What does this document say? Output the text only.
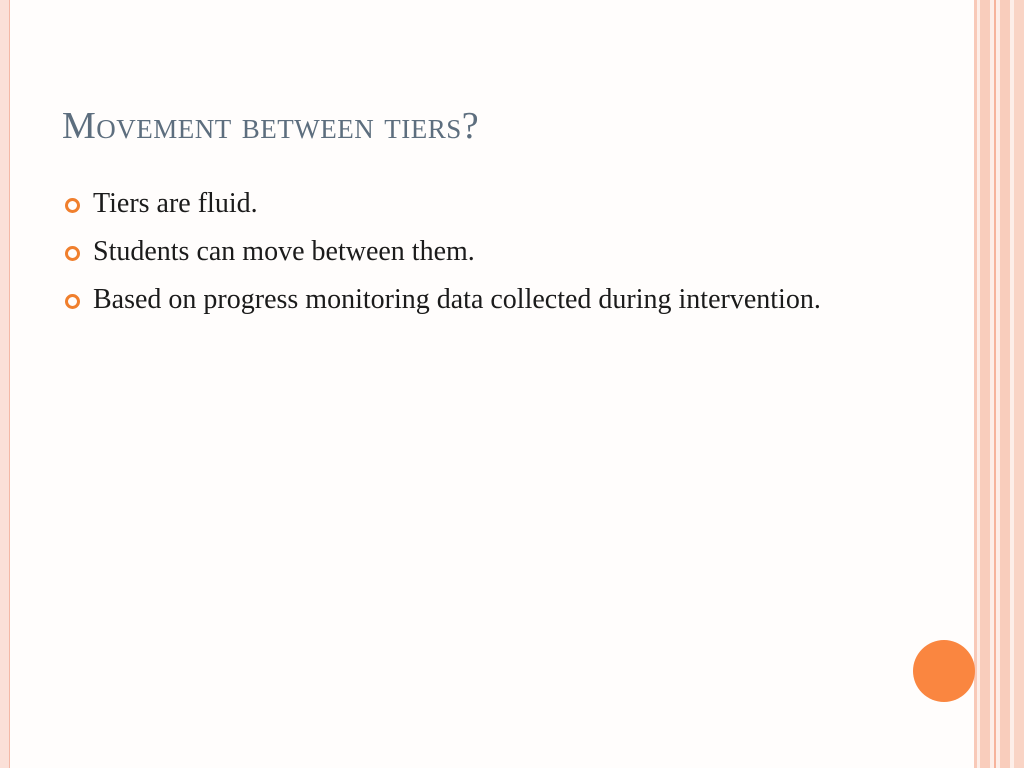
Movement between tiers?
Tiers are fluid.
Students can move between them.
Based on progress monitoring data collected during intervention.
